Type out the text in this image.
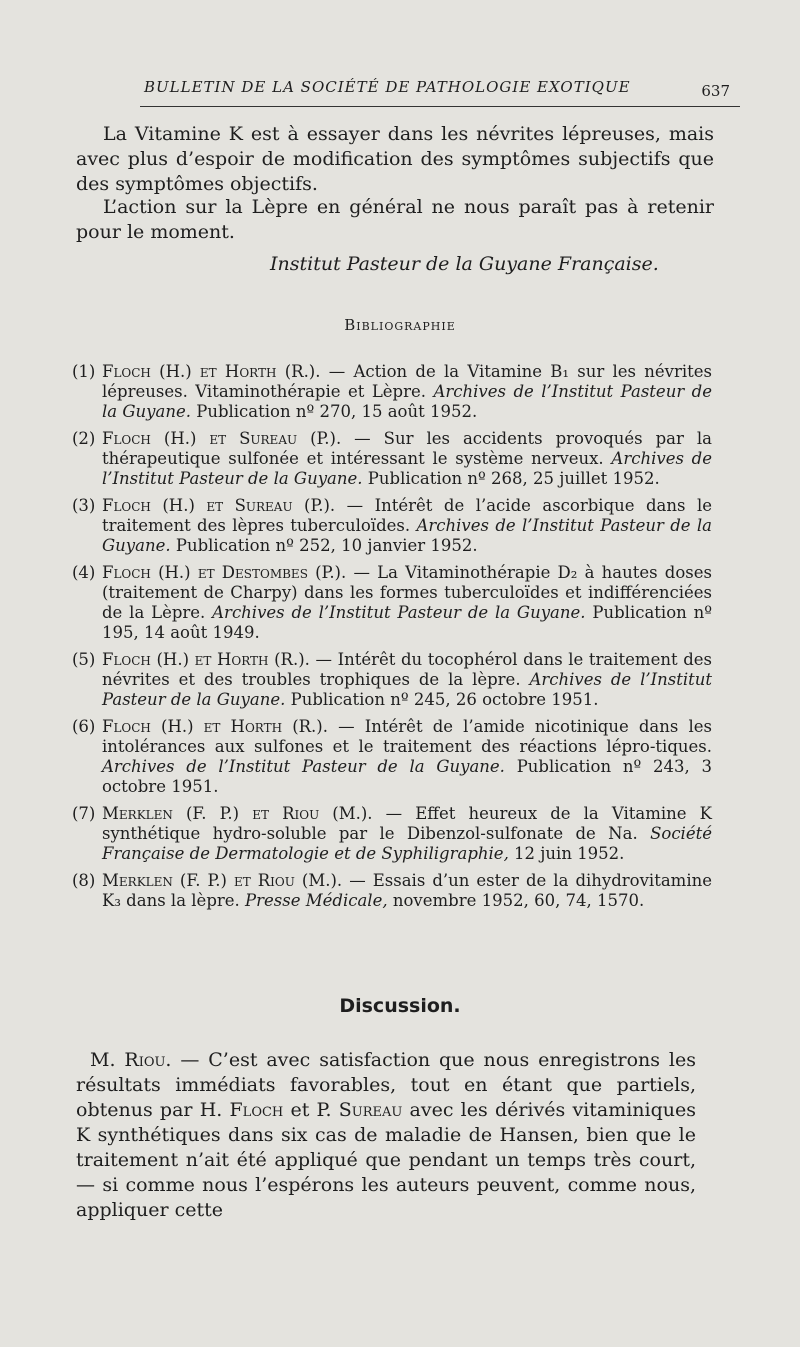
BULLETIN DE LA SOCIÉTÉ DE PATHOLOGIE EXOTIQUE	637

La Vitamine K est à essayer dans les névrites lépreuses, mais avec plus d’espoir de modification des symptômes subjectifs que des symptômes objectifs.

L’action sur la Lèpre en général ne nous paraît pas à retenir pour le moment.

Institut Pasteur de la Guyane Française.
Bibliographie

(1) Floch (H.) et Horth (R.). — Action de la Vitamine B₁ sur les névrites lépreuses. Vitaminothérapie et Lèpre. Archives de l’Institut Pasteur de la Guyane. Publication nº 270, 15 août 1952.

(2) Floch (H.) et Sureau (P.). — Sur les accidents provoqués par la thérapeutique sulfonée et intéressant le système nerveux. Archives de l’Institut Pasteur de la Guyane. Publication nº 268, 25 juillet 1952.

(3) Floch (H.) et Sureau (P.). — Intérêt de l’acide ascorbique dans le traitement des lèpres tuberculoïdes. Archives de l’Institut Pasteur de la Guyane. Publication nº 252, 10 janvier 1952.

(4) Floch (H.) et Destombes (P.). — La Vitaminothérapie D₂ à hautes doses (traitement de Charpy) dans les formes tuberculoïdes et indifférenciées de la Lèpre. Archives de l’Institut Pasteur de la Guyane. Publication nº 195, 14 août 1949.

(5) Floch (H.) et Horth (R.). — Intérêt du tocophérol dans le traitement des névrites et des troubles trophiques de la lèpre. Archives de l’Institut Pasteur de la Guyane. Publication nº 245, 26 octobre 1951.

(6) Floch (H.) et Horth (R.). — Intérêt de l’amide nicotinique dans les intolérances aux sulfones et le traitement des réactions lépro-tiques. Archives de l’Institut Pasteur de la Guyane. Publication nº 243, 3 octobre 1951.

(7) Merklen (F. P.) et Riou (M.). — Effet heureux de la Vitamine K synthétique hydro-soluble par le Dibenzol-sulfonate de Na. Société Française de Dermatologie et de Syphiligraphie, 12 juin 1952.

(8) Merklen (F. P.) et Riou (M.). — Essais d’un ester de la dihydrovitamine K₃ dans la lèpre. Presse Médicale, novembre 1952, 60, 74, 1570.

Discussion.

M. Riou. — C’est avec satisfaction que nous enregistrons les résultats immédiats favorables, tout en étant que partiels, obtenus par H. Floch et P. Sureau avec les dérivés vitaminiques K synthétiques dans six cas de maladie de Hansen, bien que le traitement n’ait été appliqué que pendant un temps très court, — si comme nous l’espérons les auteurs peuvent, comme nous, appliquer cette
